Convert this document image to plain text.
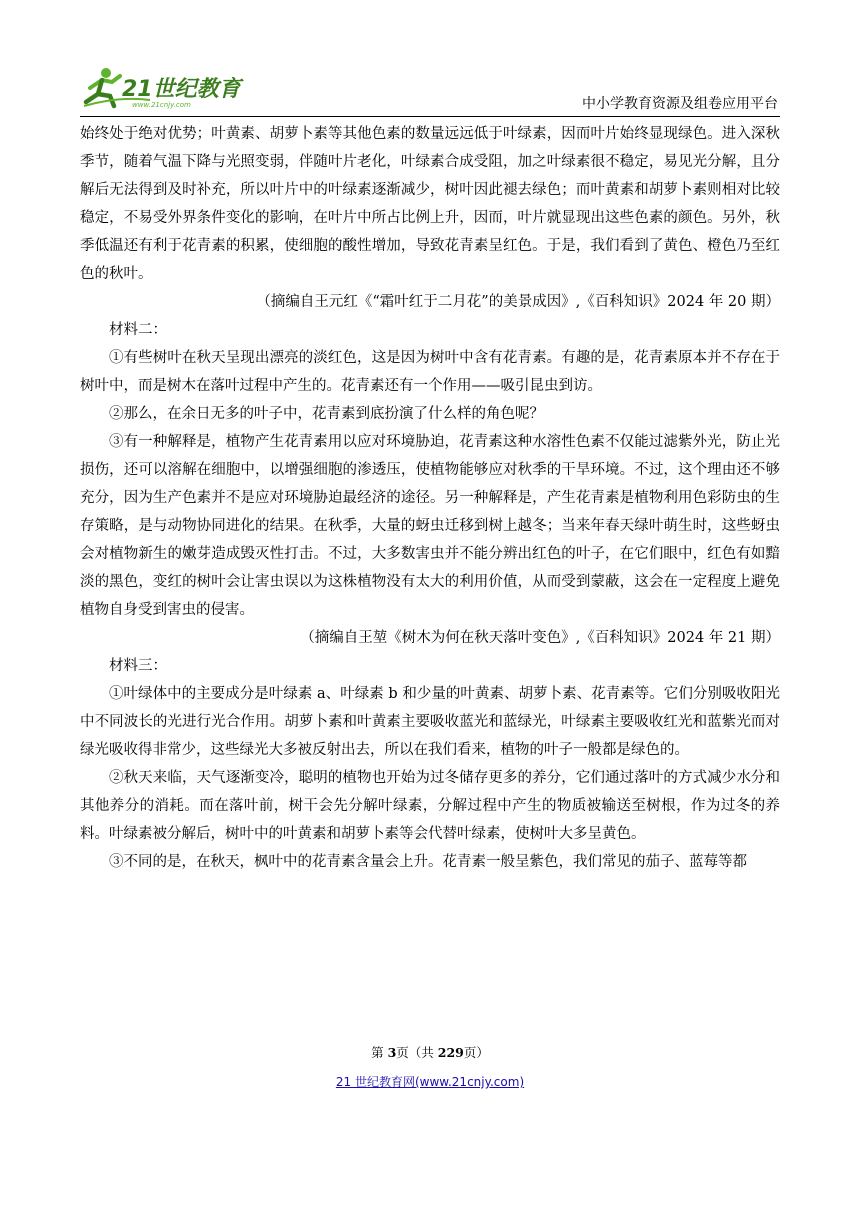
21世纪教育
www.21cnjy.com	中小学教育资源及组卷应用平台

始终处于绝对优势；叶黄素、胡萝卜素等其他色素的数量远远低于叶绿素，因而叶片始终显现绿色。进入深秋季节，随着气温下降与光照变弱，伴随叶片老化，叶绿素合成受阻，加之叶绿素很不稳定，易见光分解，且分解后无法得到及时补充，所以叶片中的叶绿素逐渐减少，树叶因此褪去绿色；而叶黄素和胡萝卜素则相对比较稳定，不易受外界条件变化的影响，在叶片中所占比例上升，因而，叶片就显现出这些色素的颜色。另外，秋季低温还有利于花青素的积累，使细胞的酸性增加，导致花青素呈红色。于是，我们看到了黄色、橙色乃至红色的秋叶。

（摘编自王元红《“霜叶红于二月花”的美景成因》,《百科知识》2024 年 20 期）

材料二：

①有些树叶在秋天呈现出漂亮的淡红色，这是因为树叶中含有花青素。有趣的是，花青素原本并不存在于树叶中，而是树木在落叶过程中产生的。花青素还有一个作用——吸引昆虫到访。

②那么，在余日无多的叶子中，花青素到底扮演了什么样的角色呢？

③有一种解释是，植物产生花青素用以应对环境胁迫，花青素这种水溶性色素不仅能过滤紫外光，防止光损伤，还可以溶解在细胞中，以增强细胞的渗透压，使植物能够应对秋季的干旱环境。不过，这个理由还不够充分，因为生产色素并不是应对环境胁迫最经济的途径。另一种解释是，产生花青素是植物利用色彩防虫的生存策略，是与动物协同进化的结果。在秋季，大量的蚜虫迁移到树上越冬；当来年春天绿叶萌生时，这些蚜虫会对植物新生的嫩芽造成毁灭性打击。不过，大多数害虫并不能分辨出红色的叶子，在它们眼中，红色有如黯淡的黑色，变红的树叶会让害虫误以为这株植物没有太大的利用价值，从而受到蒙蔽，这会在一定程度上避免植物自身受到害虫的侵害。

（摘编自王堃《树木为何在秋天落叶变色》,《百科知识》2024 年 21 期）

材料三：

①叶绿体中的主要成分是叶绿素 a、叶绿素 b 和少量的叶黄素、胡萝卜素、花青素等。它们分别吸收阳光中不同波长的光进行光合作用。胡萝卜素和叶黄素主要吸收蓝光和蓝绿光，叶绿素主要吸收红光和蓝紫光而对绿光吸收得非常少，这些绿光大多被反射出去，所以在我们看来，植物的叶子一般都是绿色的。

②秋天来临，天气逐渐变冷，聪明的植物也开始为过冬储存更多的养分，它们通过落叶的方式减少水分和其他养分的消耗。而在落叶前，树干会先分解叶绿素，分解过程中产生的物质被输送至树根，作为过冬的养料。叶绿素被分解后，树叶中的叶黄素和胡萝卜素等会代替叶绿素，使树叶大多呈黄色。

③不同的是，在秋天，枫叶中的花青素含量会上升。花青素一般呈紫色，我们常见的茄子、蓝莓等都

第 3页（共 229页）
21 世纪教育网(www.21cnjy.com)
